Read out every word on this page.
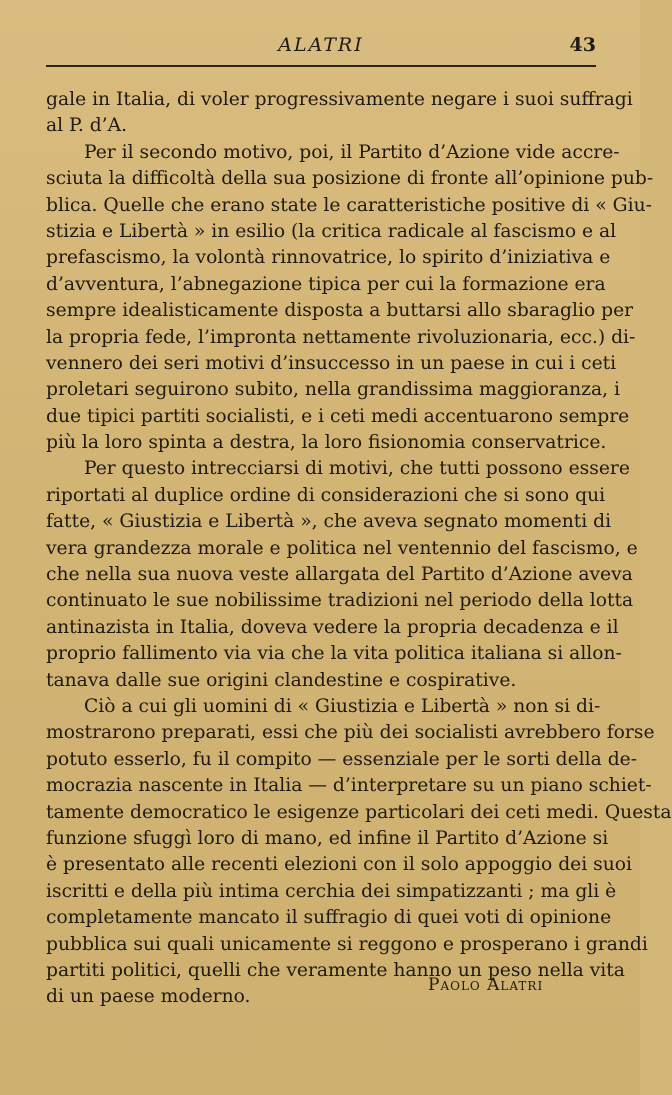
ALATRI	43
gale in Italia, di voler progressivamente negare i suoi suffragi
al P. d’A.
Per il secondo motivo, poi, il Partito d’Azione vide accre-
sciuta la difficoltà della sua posizione di fronte all’opinione pub-
blica. Quelle che erano state le caratteristiche positive di « Giu-
stizia e Libertà » in esilio (la critica radicale al fascismo e al
prefascismo, la volontà rinnovatrice, lo spirito d’iniziativa e
d’avventura, l’abnegazione tipica per cui la formazione era
sempre idealisticamente disposta a buttarsi allo sbaraglio per
la propria fede, l’impronta nettamente rivoluzionaria, ecc.) di-
vennero dei seri motivi d’insuccesso in un paese in cui i ceti
proletari seguirono subito, nella grandissima maggioranza, i
due tipici partiti socialisti, e i ceti medi accentuarono sempre
più la loro spinta a destra, la loro fisionomia conservatrice.
Per questo intrecciarsi di motivi, che tutti possono essere
riportati al duplice ordine di considerazioni che si sono qui
fatte, « Giustizia e Libertà », che aveva segnato momenti di
vera grandezza morale e politica nel ventennio del fascismo, e
che nella sua nuova veste allargata del Partito d’Azione aveva
continuato le sue nobilissime tradizioni nel periodo della lotta
antinazista in Italia, doveva vedere la propria decadenza e il
proprio fallimento via via che la vita politica italiana si allon-
tanava dalle sue origini clandestine e cospirative.
Ciò a cui gli uomini di « Giustizia e Libertà » non si di-
mostrarono preparati, essi che più dei socialisti avrebbero forse
potuto esserlo, fu il compito — essenziale per le sorti della de-
mocrazia nascente in Italia — d’interpretare su un piano schiet-
tamente democratico le esigenze particolari dei ceti medi. Questa
funzione sfuggì loro di mano, ed infine il Partito d’Azione si
è presentato alle recenti elezioni con il solo appoggio dei suoi
iscritti e della più intima cerchia dei simpatizzanti ; ma gli è
completamente mancato il suffragio di quei voti di opinione
pubblica sui quali unicamente si reggono e prosperano i grandi
partiti politici, quelli che veramente hanno un peso nella vita
di un paese moderno.
Paolo Alatri
